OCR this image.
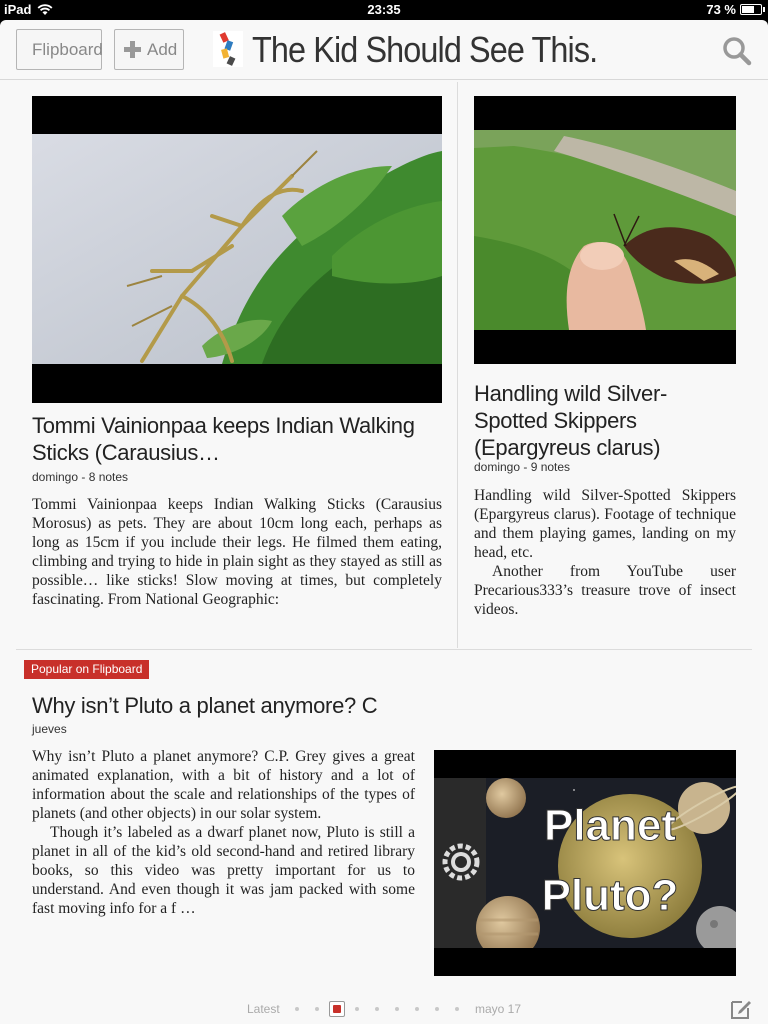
iPad	23:35	73 %
Flipboard	Add The Kid Should See This.
Tommi Vainionpaa keeps Indian Walking Sticks (Carausius…
domingo - 8 notes

Tommi Vainionpaa keeps Indian Walking Sticks (Carausius Morosus) as pets. They are about 10cm long each, perhaps as long as 15cm if you include their legs. He filmed them eating, climbing and trying to hide in plain sight as they stayed as still as possible… like sticks! Slow moving at times, but completely fascinating. From National Geographic:

Handling wild Silver-Spotted Skippers (Epargyreus clarus)
domingo - 9 notes

Handling wild Silver-Spotted Skippers (Epargyreus clarus). Footage of technique and them playing games, landing on my head, etc.

Another from YouTube user Precarious333’s treasure trove of insect videos.

Popular on Flipboard
Why isn’t Pluto a planet anymore? C
jueves

Why isn’t Pluto a planet anymore? C.P. Grey gives a great animated explanation, with a bit of history and a lot of information about the scale and relationships of the types of planets (and other objects) in our solar system.

Though it’s labeled as a dwarf planet now, Pluto is still a planet in all of the kid’s old second-hand and retired library books, so this video was pretty important for us to understand. And even though it was jam packed with some fast moving info for a f …

Planet
Pluto?
Latest	mayo 17
